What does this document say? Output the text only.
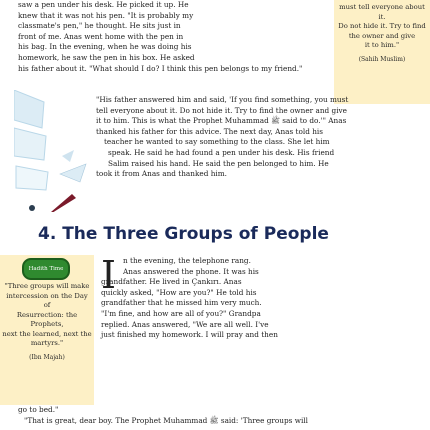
must tell everyone about it.
Do not hide it. Try to find
the owner and give
it to him."
(Sahih Muslim)
saw a pen under his desk. He picked it up. He
knew that it was not his pen. "It is probably my
classmate's pen," he thought. He sits just in
front of me. Anas went home with the pen in
his bag. In the evening, when he was doing his
homework, he saw the pen in his box. He asked
his father about it. "What should I do? I think this pen belongs to my friend."
"His father answered him and said, 'If you find something, you must
tell everyone about it. Do not hide it. Try to find the owner and give
it to him. This is what the Prophet Muhammad ﷺ said to do.'" Anas
thanked his father for this advice. The next day, Anas told his
teacher he wanted to say something to the class. She let him
speak. He said he had found a pen under his desk. His friend
Salim raised his hand. He said the pen belonged to him. He
took it from Anas and thanked him.
4. The Three Groups of People
Hadith Time
"Three groups will make
intercession on the Day of
Resurrection: the Prophets,
next the learned, next the
martyrs."
(Ibn Majah)
I n the evening, the telephone rang.
Anas answered the phone. It was his
grandfather. He lived in Çankırı. Anas
quickly asked, "How are you?" He told his
grandfather that he missed him very much.
"I'm fine, and how are all of you?" Grandpa
replied. Anas answered, "We are all well. I've
just finished my homework. I will pray and then
go to bed."
"That is great, dear boy. The Prophet Muhammad ﷺ said: 'Three groups will
